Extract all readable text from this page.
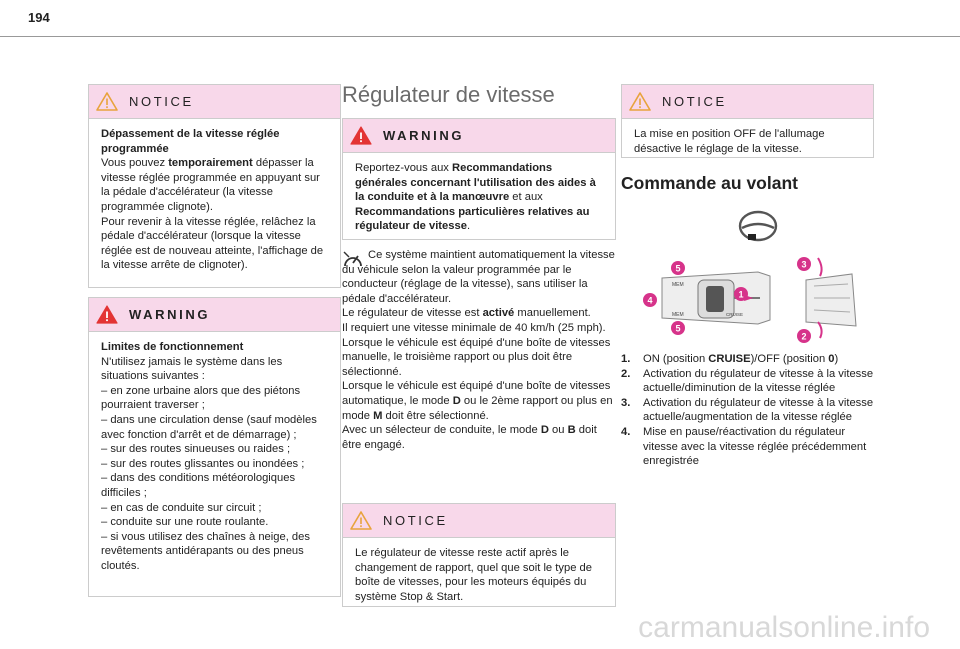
194
NOTICE

Dépassement de la vitesse réglée programmée

Vous pouvez temporairement dépasser la vitesse réglée programmée en appuyant sur la pédale d'accélérateur (la vitesse programmée clignote).

Pour revenir à la vitesse réglée, relâchez la pédale d'accélérateur (lorsque la vitesse réglée est de nouveau atteinte, l'affichage de la vitesse arrête de clignoter).

WARNING

Limites de fonctionnement

N'utilisez jamais le système dans les situations suivantes :

– en zone urbaine alors que des piétons pourraient traverser ;

– dans une circulation dense (sauf modèles avec fonction d'arrêt et de démarrage) ;

– sur des routes sinueuses ou raides ;

– sur des routes glissantes ou inondées ;

– dans des conditions météorologiques difficiles ;

– en cas de conduite sur circuit ;

– conduite sur une route roulante.

– si vous utilisez des chaînes à neige, des revêtements antidérapants ou des pneus cloutés.

Régulateur de vitesse
WARNING

Reportez-vous aux Recommandations générales concernant l'utilisation des aides à la conduite et à la manœuvre et aux Recommandations particulières relatives au régulateur de vitesse.

Ce système maintient automatiquement la vitesse du véhicule selon la valeur programmée par le conducteur (réglage de la vitesse), sans utiliser la pédale d'accélérateur.

Le régulateur de vitesse est activé manuellement.

Il requiert une vitesse minimale de 40 km/h (25 mph).

Lorsque le véhicule est équipé d'une boîte de vitesses manuelle, le troisième rapport ou plus doit être sélectionné.

Lorsque le véhicule est équipé d'une boîte de vitesses automatique, le mode D ou le 2ème rapport ou plus en mode M doit être sélectionné.

Avec un sélecteur de conduite, le mode D ou B doit être engagé.

NOTICE

Le régulateur de vitesse reste actif après le changement de rapport, quel que soit le type de boîte de vitesses, pour les moteurs équipés du système Stop & Start.

NOTICE

La mise en position OFF de l'allumage désactive le réglage de la vitesse.

Commande au volant
5
4
5
1
3
2
MEM
CRUISE
MEM
1.	ON (position CRUISE)/OFF (position 0)
2.	Activation du régulateur de vitesse à la vitesse actuelle/diminution de la vitesse réglée
3.	Activation du régulateur de vitesse à la vitesse actuelle/augmentation de la vitesse réglée
4.	Mise en pause/réactivation du régulateur vitesse avec la vitesse réglée précédemment enregistrée
carmanualsonline.info
